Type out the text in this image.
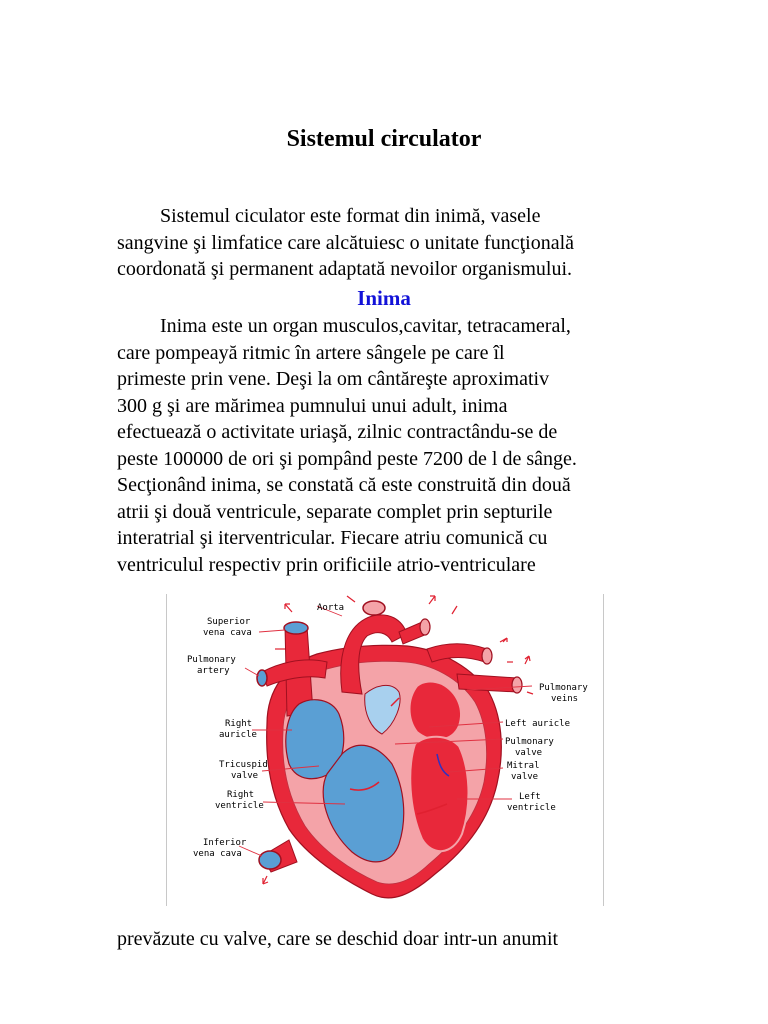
Sistemul circulator
Sistemul ciculator este format din inimă, vasele
sangvine şi limfatice care alcătuiesc o unitate funcţională
coordonată şi permanent adaptată nevoilor organismului.
Inima
Inima este un organ musculos,cavitar, tetracameral,
care pompeayă ritmic în artere sângele pe care îl
primeste prin vene. Deşi la om cântăreşte aproximativ
300 g şi are mărimea pumnului unui adult, inima
efectuează o activitate uriaşă, zilnic contractându-se de
peste 100000 de ori şi pompând peste 7200 de l de sânge.
Secţionând inima, se constată că este construită din două
atrii şi două ventricule, separate complet prin septurile
interatrial şi iterventricular. Fiecare atriu comunică cu
ventriculul respectiv prin orificiile atrio-ventriculare
Aorta
Superior
vena cava
Pulmonary
artery
Right
auricle
Tricuspid
valve
Right
ventricle
Inferior
vena cava
Pulmonary
veins
Left auricle
Pulmonary
valve
Mitral
valve
Left
ventricle
prevăzute cu valve, care se deschid doar intr-un anumit
